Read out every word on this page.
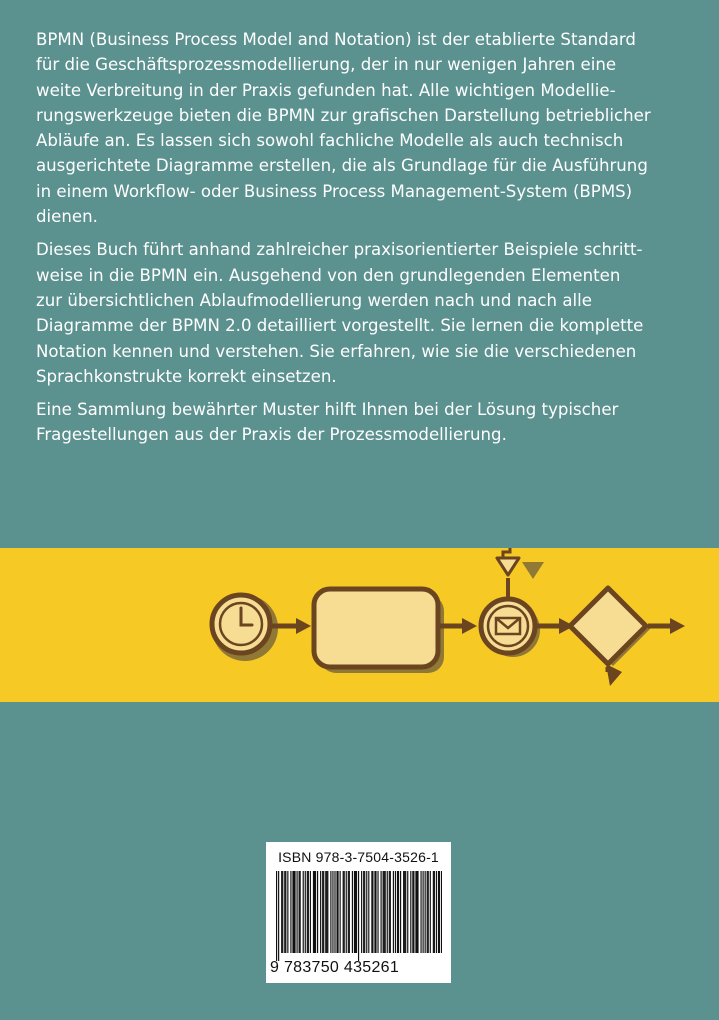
BPMN (Business Process Model and Notation) ist der etablierte Standard
für die Geschäftsprozessmodellierung, der in nur wenigen Jahren eine
weite Verbreitung in der Praxis gefunden hat. Alle wichtigen Modellie-
rungswerkzeuge bieten die BPMN zur grafischen Darstellung betrieblicher
Abläufe an. Es lassen sich sowohl fachliche Modelle als auch technisch
ausgerichtete Diagramme erstellen, die als Grundlage für die Ausführung
in einem Workflow- oder Business Process Management-System (BPMS)
dienen.

Dieses Buch führt anhand zahlreicher praxisorientierter Beispiele schritt-
weise in die BPMN ein. Ausgehend von den grundlegenden Elementen
zur übersichtlichen Ablaufmodellierung werden nach und nach alle
Diagramme der BPMN 2.0 detailliert vorgestellt. Sie lernen die komplette
Notation kennen und verstehen. Sie erfahren, wie sie die verschiedenen
Sprachkonstrukte korrekt einsetzen.

Eine Sammlung bewährter Muster hilft Ihnen bei der Lösung typischer
Fragestellungen aus der Praxis der Prozessmodellierung.

ISBN 978-3-7504-3526-1
9 783750 435261
